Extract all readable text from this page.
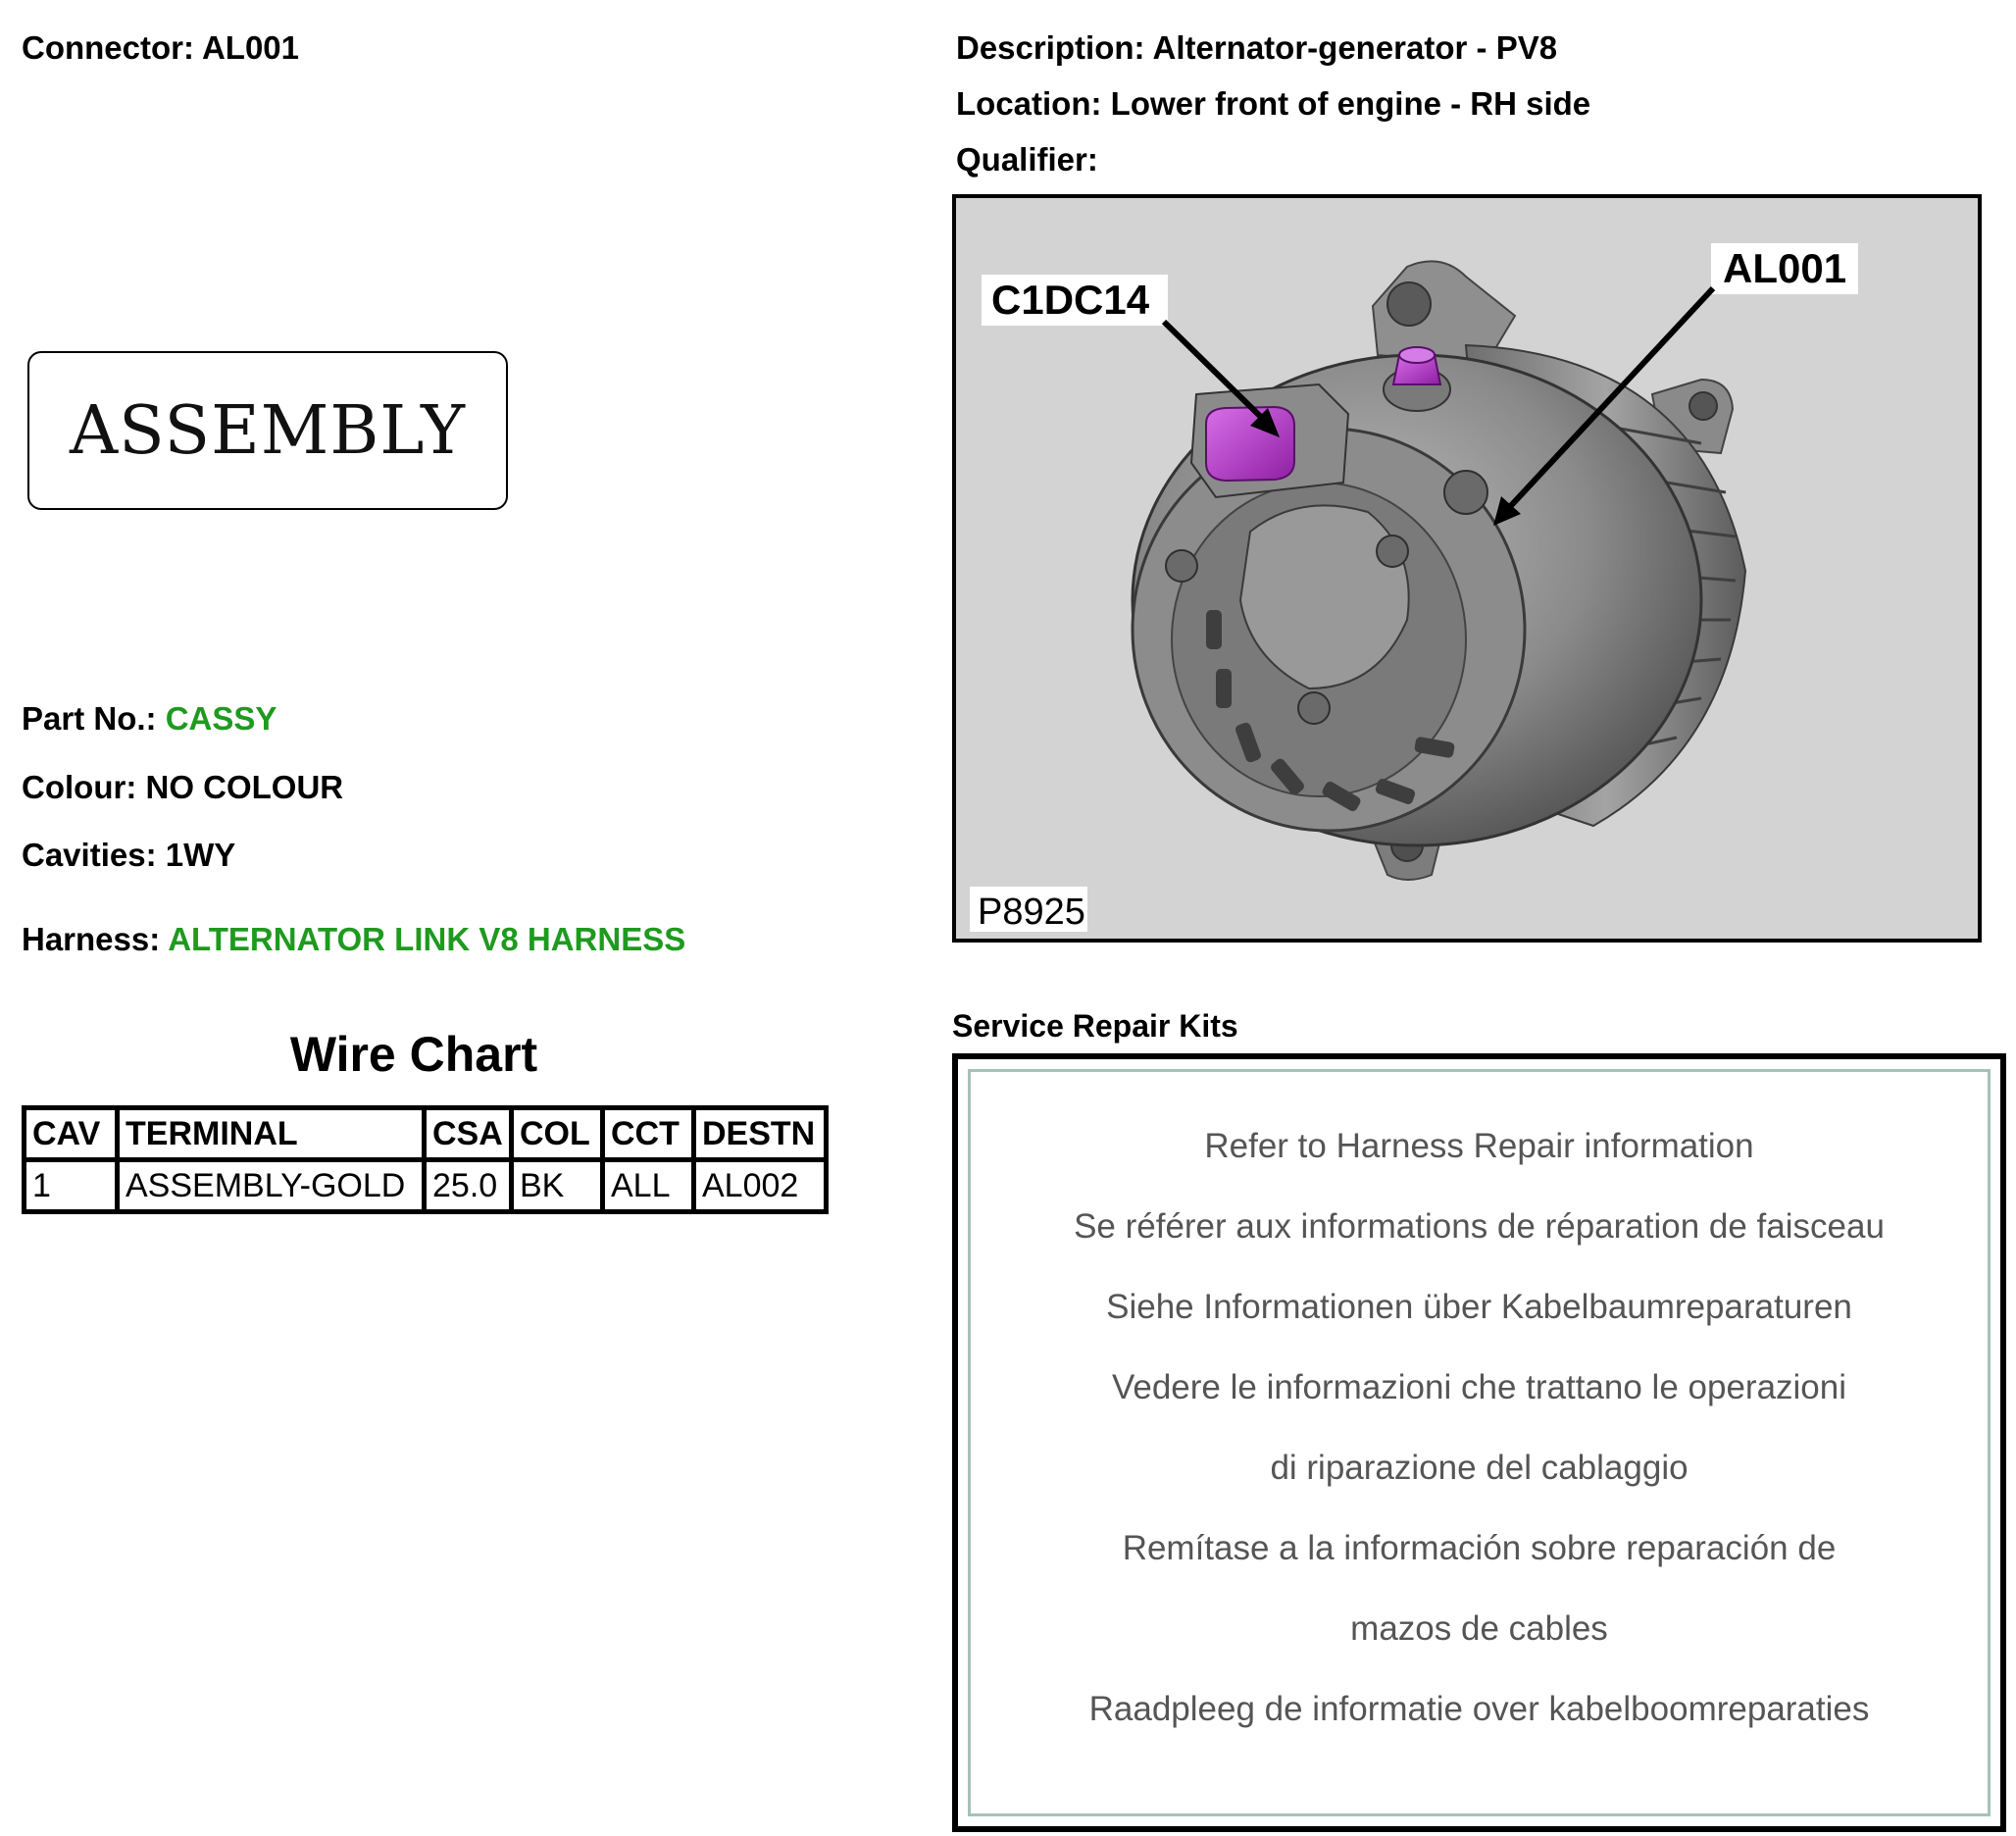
Connector: AL001
ASSEMBLY
Part No.: CASSY
Colour: NO COLOUR
Cavities: 1WY
Harness: ALTERNATOR LINK V8 HARNESS
Wire Chart
CAV	TERMINAL	CSA	COL	CCT	DESTN
1	ASSEMBLY-GOLD	25.0	BK	ALL	AL002
Description: Alternator-generator - PV8
Location: Lower front of engine - RH side
Qualifier:
C1DC14
AL001
P8925
Service Repair Kits
Refer to Harness Repair information
Se référer aux informations de réparation de faisceau
Siehe Informationen über Kabelbaumreparaturen
Vedere le informazioni che trattano le operazioni
di riparazione del cablaggio
Remítase a la información sobre reparación de
mazos de cables
Raadpleeg de informatie over kabelboomreparaties
